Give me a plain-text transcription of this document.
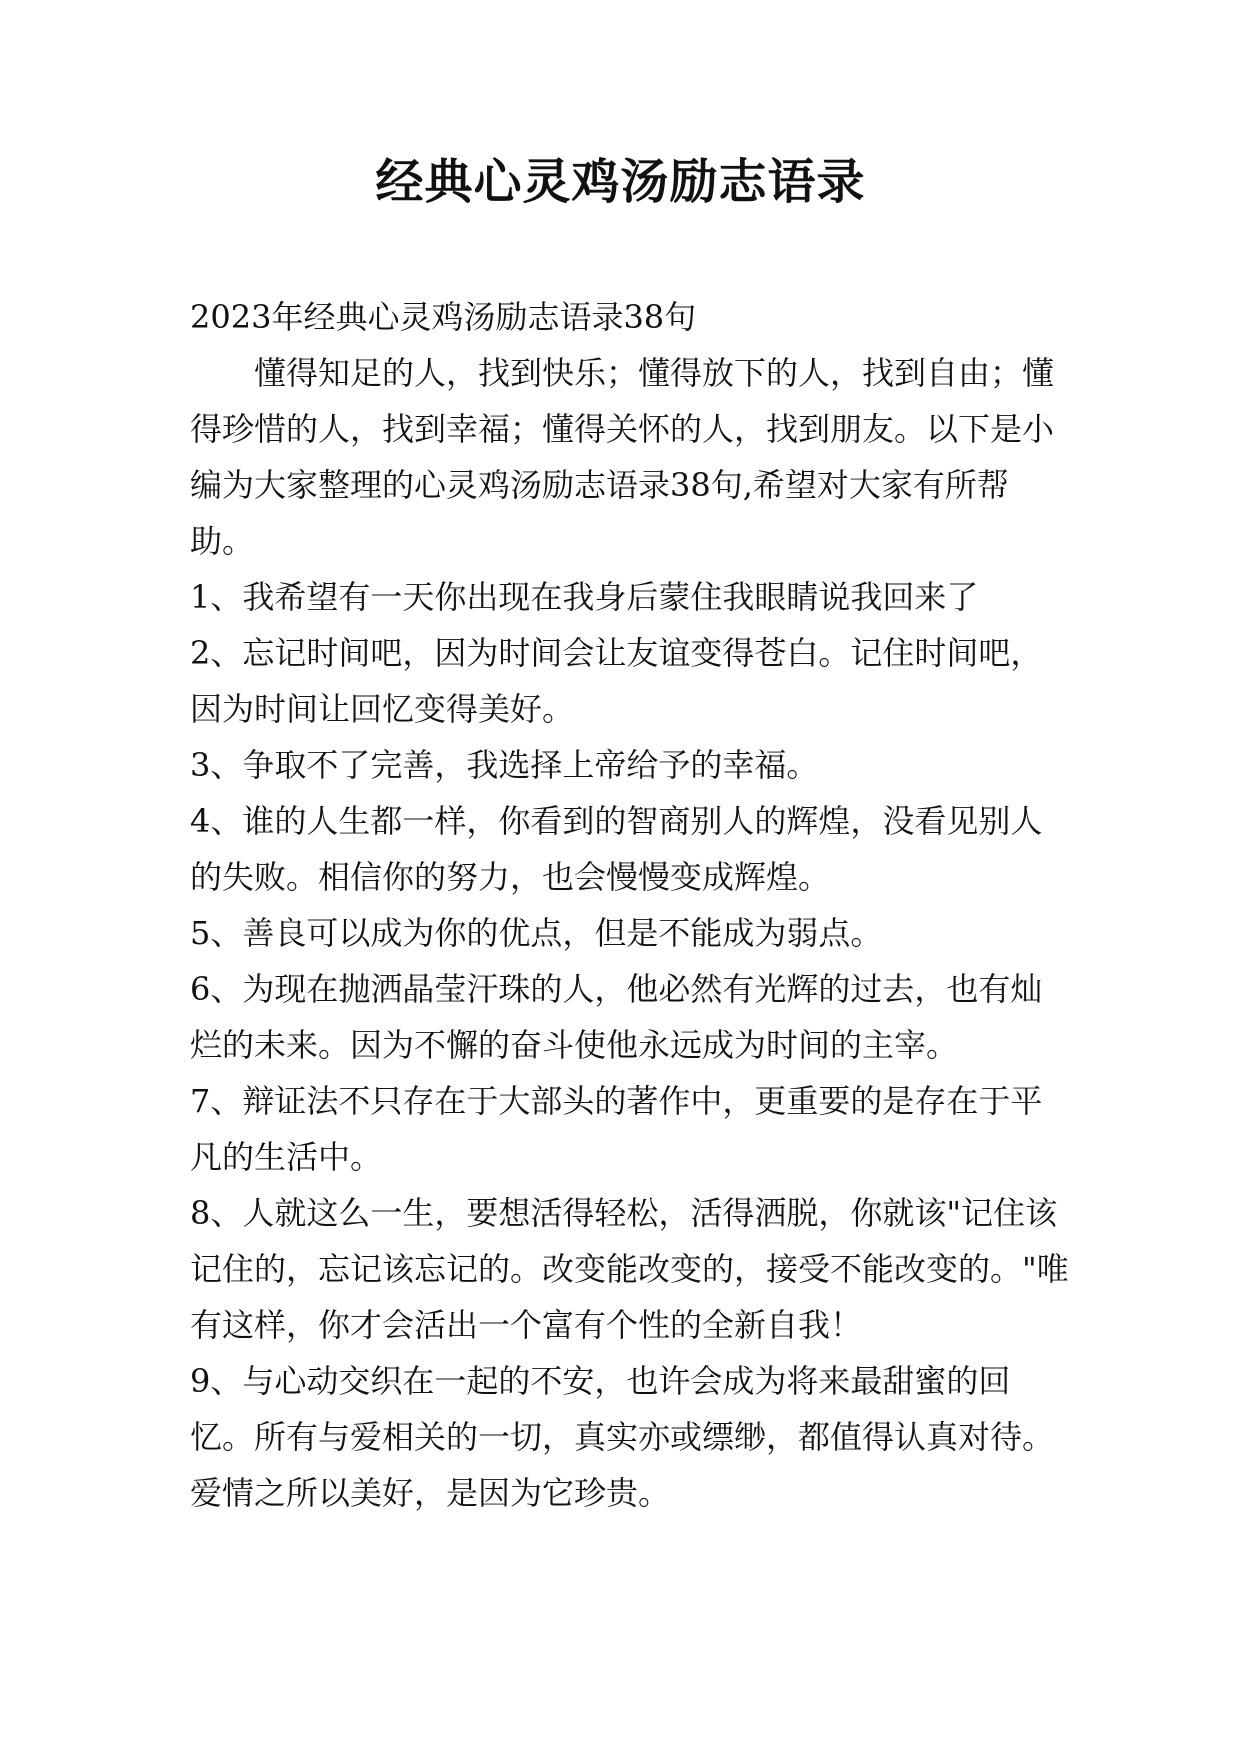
经典心灵鸡汤励志语录

2023年经典心灵鸡汤励志语录38句

懂得知足的人，找到快乐；懂得放下的人，找到自由；懂得珍惜的人，找到幸福；懂得关怀的人，找到朋友。以下是小编为大家整理的心灵鸡汤励志语录38句,希望对大家有所帮助。

1、我希望有一天你出现在我身后蒙住我眼睛说我回来了

2、忘记时间吧，因为时间会让友谊变得苍白。记住时间吧，因为时间让回忆变得美好。

3、争取不了完善，我选择上帝给予的幸福。

4、谁的人生都一样，你看到的智商别人的辉煌，没看见别人的失败。相信你的努力，也会慢慢变成辉煌。

5、善良可以成为你的优点，但是不能成为弱点。

6、为现在抛洒晶莹汗珠的人，他必然有光辉的过去，也有灿烂的未来。因为不懈的奋斗使他永远成为时间的主宰。

7、辩证法不只存在于大部头的著作中，更重要的是存在于平凡的生活中。

8、人就这么一生，要想活得轻松，活得洒脱，你就该"记住该记住的，忘记该忘记的。改变能改变的，接受不能改变的。"唯有这样，你才会活出一个富有个性的全新自我！

9、与心动交织在一起的不安，也许会成为将来最甜蜜的回忆。所有与爱相关的一切，真实亦或缥缈，都值得认真对待。爱情之所以美好，是因为它珍贵。
